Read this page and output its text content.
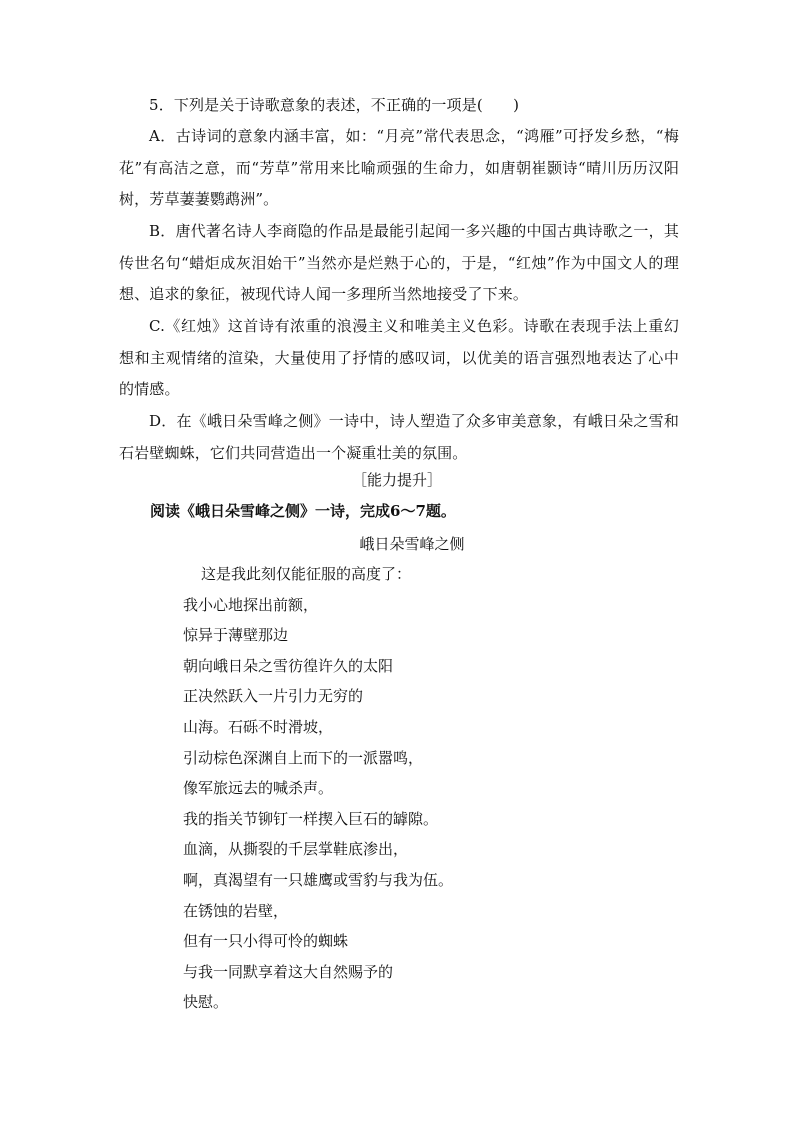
5．下列是关于诗歌意象的表述，不正确的一项是(　　)

A．古诗词的意象内涵丰富，如：“月亮”常代表思念，“鸿雁”可抒发乡愁，“梅花”有高洁之意，而“芳草”常用来比喻顽强的生命力，如唐朝崔颢诗“晴川历历汉阳树，芳草萋萋鹦鹉洲”。

B．唐代著名诗人李商隐的作品是最能引起闻一多兴趣的中国古典诗歌之一，其传世名句“蜡炬成灰泪始干”当然亦是烂熟于心的，于是，“红烛”作为中国文人的理想、追求的象征，被现代诗人闻一多理所当然地接受了下来。

C.《红烛》这首诗有浓重的浪漫主义和唯美主义色彩。诗歌在表现手法上重幻想和主观情绪的渲染，大量使用了抒情的感叹词，以优美的语言强烈地表达了心中的情感。

D．在《峨日朵雪峰之侧》一诗中，诗人塑造了众多审美意象，有峨日朵之雪和石岩壁蜘蛛，它们共同营造出一个凝重壮美的氛围。

［能力提升］
阅读《峨日朵雪峰之侧》一诗，完成6～7题。
峨日朵雪峰之侧
这是我此刻仅能征服的高度了：
我小心地探出前额，
惊异于薄壁那边
朝向峨日朵之雪彷徨许久的太阳
正决然跃入一片引力无穷的
山海。石砾不时滑坡，
引动棕色深渊自上而下的一派嚣鸣，
像军旅远去的喊杀声。
我的指关节铆钉一样揳入巨石的罅隙。
血滴，从撕裂的千层掌鞋底渗出，
啊，真渴望有一只雄鹰或雪豹与我为伍。
在锈蚀的岩壁，
但有一只小得可怜的蜘蛛
与我一同默享着这大自然赐予的
快慰。
